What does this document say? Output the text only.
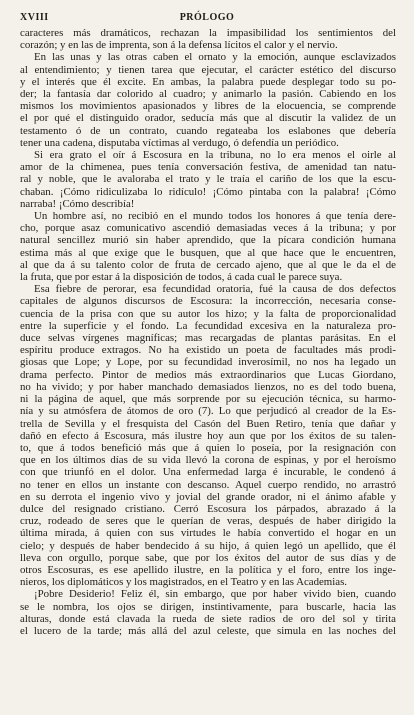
XVIII	PRÓLOGO

caracteres más dramáticos, rechazan la impasibilidad los sentimientos del
corazón; y en las de imprenta, son á la defensa lícitos el calor y el nervio.

En las unas y las otras caben el ornato y la emoción, aunque esclavizados
al entendimiento; y tienen tarea que ejecutar, el carácter estético del discurso
y el interés que él excite. En ambas, la palabra puede desplegar todo su po-
der; la fantasía dar colorido al cuadro; y animarlo la pasión. Cabiendo en los
mismos los movimientos apasionados y libres de la elocuencia, se comprende
el por qué el distinguido orador, seducía más que al discutir la validez de un
testamento ó de un contrato, cuando regateaba los eslabones que debería
tener una cadena, disputaba víctimas al verdugo, ó defendía un periódico.

Si era grato el oír á Escosura en la tribuna, no lo era menos el oirle al
amor de la chimenea, pues tenía conversación festiva, de amenidad tan natu-
ral y noble, que le avaloraba el trato y le traía el cariño de los que la escu-
chaban. ¡Cómo ridiculizaba lo ridículo! ¡Cómo pintaba con la palabra! ¡Cómo
narraba! ¡Cómo describía!

Un hombre así, no recibió en el mundo todos los honores á que tenía dere-
cho, porque asaz comunicativo ascendió demasiadas veces á la tribuna; y por
natural sencillez murió sin haber aprendido, que la pícara condición humana
estima más al que exige que le busquen, que al que hace que le encuentren,
al que da á su talento color de fruta de cercado ajeno, que al que le da el de
la fruta, que por estar á la disposición de todos, á cada cual le parece suya.

Esa fiebre de perorar, esa fecundidad oratoria, fué la causa de dos defectos
capitales de algunos discursos de Escosura: la incorrección, necesaria conse-
cuencia de la prisa con que su autor los hizo; y la falta de proporcionalidad
entre la superficie y el fondo. La fecundidad excesiva en la naturaleza pro-
duce selvas vírgenes magníficas; mas recargadas de plantas parásitas. En el
espíritu produce extragos. No ha existido un poeta de facultades más prodi-
giosas que Lope; y Lope, por su fecundidad inverosímil, no nos ha legado un
drama perfecto. Pintor de medios más extraordinarios que Lucas Giordano,
no ha vivido; y por haber manchado demasiados lienzos, no es del todo buena,
ni la página de aquel, que más sorprende por su ejecución técnica, su harmo-
nía y su atmósfera de átomos de oro (7). Lo que perjudicó al creador de la Es-
trella de Sevilla y el fresquista del Casón del Buen Retiro, tenía que dañar y
dañó en efecto á Escosura, más ilustre hoy aun que por los éxitos de su talen-
to, que á todos benefició más que á quien lo poseía, por la resignación con
que en los últimos días de su vida llevó la corona de espinas, y por el heroísmo
con que triunfó en el dolor. Una enfermedad larga é incurable, le condenó á
no tener en ellos un instante con descanso. Aquel cuerpo rendido, no arrastró
en su derrota el ingenio vivo y jovial del grande orador, ni el ánimo afable y
dulce del resignado cristiano. Cerró Escosura los párpados, abrazado á la
cruz, rodeado de seres que le querían de veras, después de haber dirigido la
última mirada, á quien con sus virtudes le había convertido el hogar en un
cielo; y después de haber bendecido á su hijo, á quien legó un apellido, que él
lleva con orgullo, porque sabe, que por los éxitos del autor de sus días y de
otros Escosuras, es ese apellido ilustre, en la política y el foro, entre los inge-
nieros, los diplomáticos y los magistrados, en el Teatro y en las Academias.

¡Pobre Desiderio! Feliz él, sin embargo, que por haber vivido bien, cuando
se le nombra, los ojos se dirigen, instintivamente, para buscarle, hacia las
alturas, donde está clavada la rueda de siete radios de oro del sol y tirita
el lucero de la tarde; más allá del azul celeste, que simula en las noches del
